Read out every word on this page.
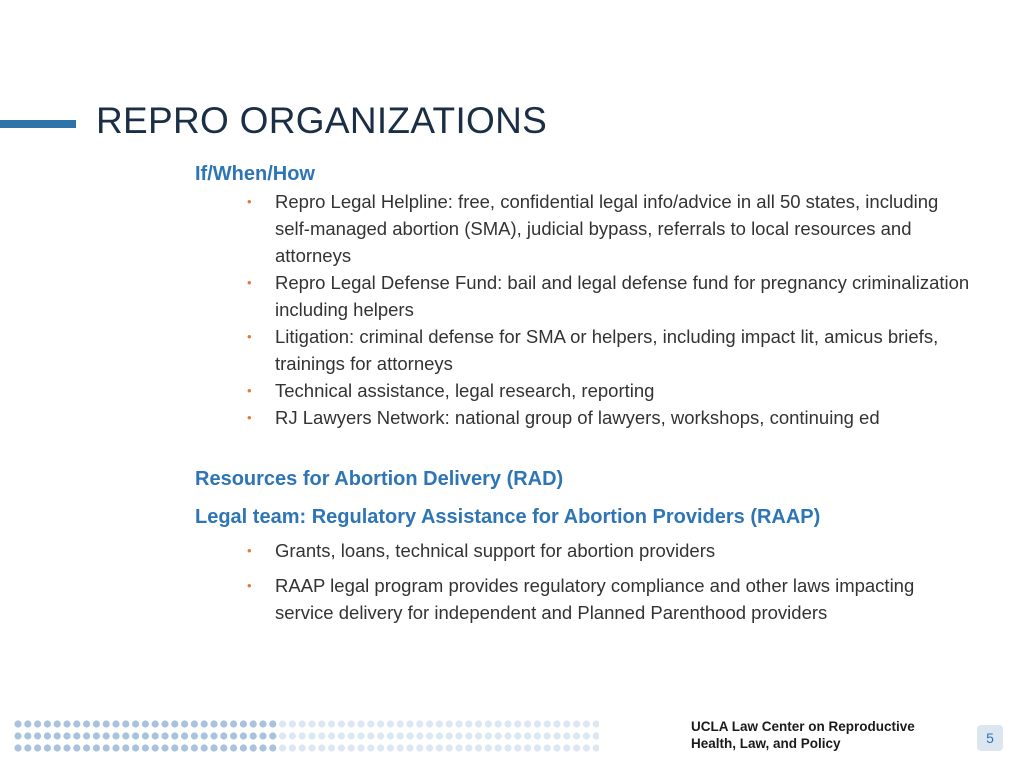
REPRO ORGANIZATIONS
If/When/How
• Repro Legal Helpline: free, confidential legal info/advice in all 50 states, including self-managed abortion (SMA), judicial bypass, referrals to local resources and attorneys
• Repro Legal Defense Fund: bail and legal defense fund for pregnancy criminalization including helpers
• Litigation: criminal defense for SMA or helpers, including impact lit, amicus briefs, trainings for attorneys
• Technical assistance, legal research, reporting
• RJ Lawyers Network: national group of lawyers, workshops, continuing ed
Resources for Abortion Delivery (RAD)
Legal team: Regulatory Assistance for Abortion Providers (RAAP)
• Grants, loans, technical support for abortion providers
• RAAP legal program provides regulatory compliance and other laws impacting service delivery for independent and Planned Parenthood providers
UCLA Law Center on Reproductive
Health, Law, and Policy	5
